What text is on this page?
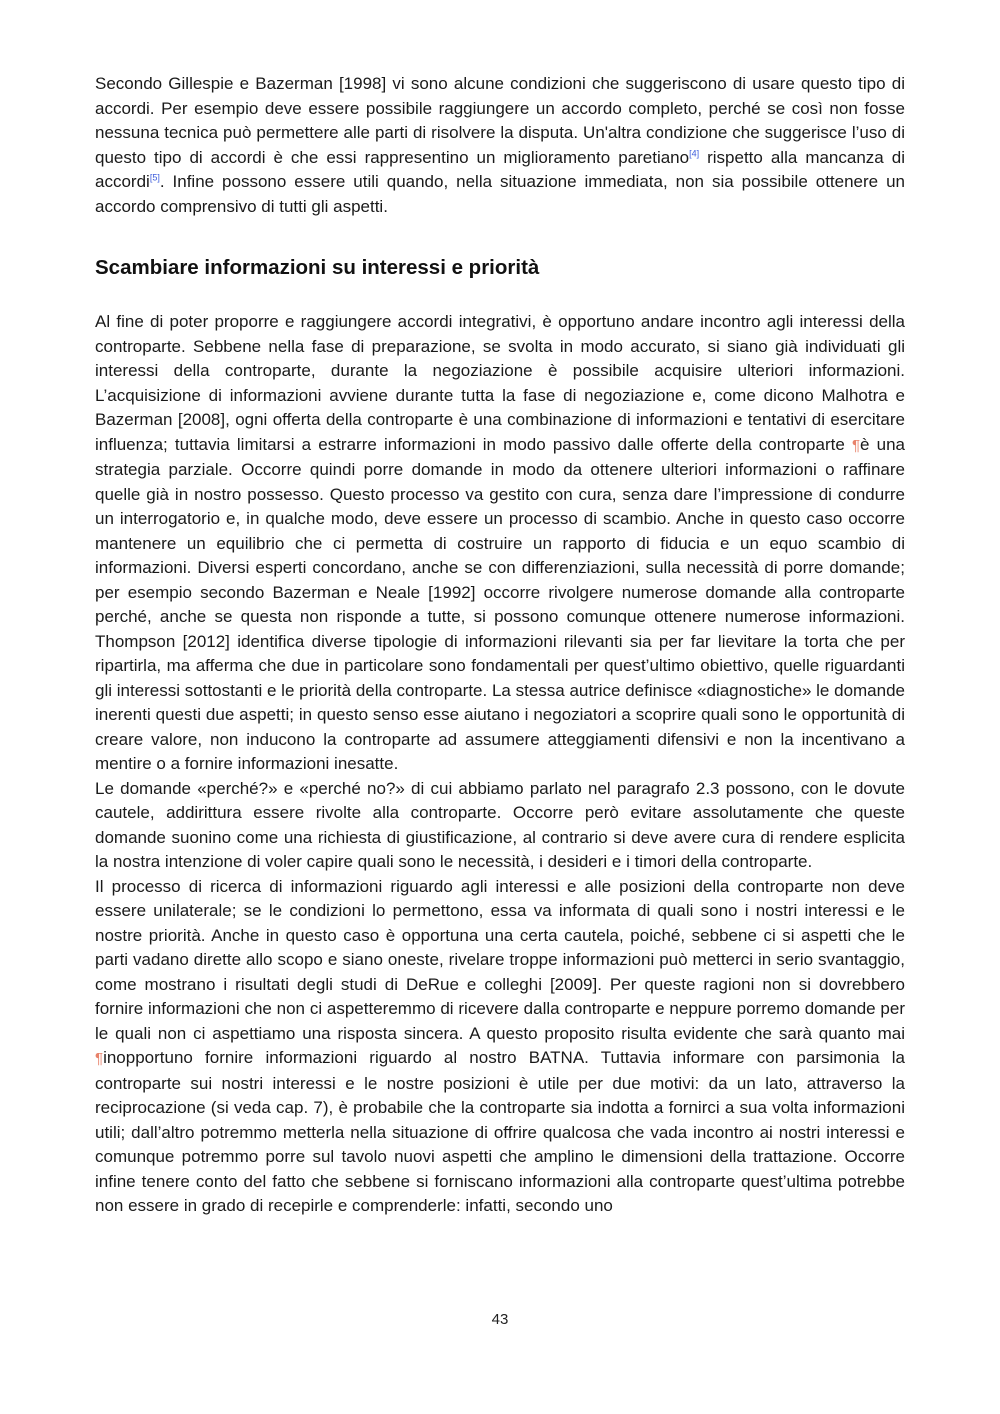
Secondo Gillespie e Bazerman [1998] vi sono alcune condizioni che suggeriscono di usare questo tipo di accordi. Per esempio deve essere possibile raggiungere un accordo completo, perché se così non fosse nessuna tecnica può permettere alle parti di risolvere la disputa. Un'altra condizione che suggerisce l’uso di questo tipo di accordi è che essi rappresentino un miglioramento paretiano[4] rispetto alla mancanza di accordi[5]. Infine possono essere utili quando, nella situazione immediata, non sia possibile ottenere un accordo comprensivo di tutti gli aspetti.

Scambiare informazioni su interessi e priorità

Al fine di poter proporre e raggiungere accordi integrativi, è opportuno andare incontro agli interessi della controparte. Sebbene nella fase di preparazione, se svolta in modo accurato, si siano già individuati gli interessi della controparte, durante la negoziazione è possibile acquisire ulteriori informazioni. L’acquisizione di informazioni avviene durante tutta la fase di negoziazione e, come dicono Malhotra e Bazerman [2008], ogni offerta della controparte è una combinazione di informazioni e tentativi di esercitare influenza; tuttavia limitarsi a estrarre informazioni in modo passivo dalle offerte della controparte ¶è una strategia parziale. Occorre quindi porre domande in modo da ottenere ulteriori informazioni o raffinare quelle già in nostro possesso. Questo processo va gestito con cura, senza dare l’impressione di condurre un interrogatorio e, in qualche modo, deve essere un processo di scambio. Anche in questo caso occorre mantenere un equilibrio che ci permetta di costruire un rapporto di fiducia e un equo scambio di informazioni. Diversi esperti concordano, anche se con differenziazioni, sulla necessità di porre domande; per esempio secondo Bazerman e Neale [1992] occorre rivolgere numerose domande alla controparte perché, anche se questa non risponde a tutte, si possono comunque ottenere numerose informazioni. Thompson [2012] identifica diverse tipologie di informazioni rilevanti sia per far lievitare la torta che per ripartirla, ma afferma che due in particolare sono fondamentali per quest’ultimo obiettivo, quelle riguardanti gli interessi sottostanti e le priorità della controparte. La stessa autrice definisce «diagnostiche» le domande inerenti questi due aspetti; in questo senso esse aiutano i negoziatori a scoprire quali sono le opportunità di creare valore, non inducono la controparte ad assumere atteggiamenti difensivi e non la incentivano a mentire o a fornire informazioni inesatte.

Le domande «perché?» e «perché no?» di cui abbiamo parlato nel paragrafo 2.3 possono, con le dovute cautele, addirittura essere rivolte alla controparte. Occorre però evitare assolutamente che queste domande suonino come una richiesta di giustificazione, al contrario si deve avere cura di rendere esplicita la nostra intenzione di voler capire quali sono le necessità, i desideri e i timori della controparte.

Il processo di ricerca di informazioni riguardo agli interessi e alle posizioni della controparte non deve essere unilaterale; se le condizioni lo permettono, essa va informata di quali sono i nostri interessi e le nostre priorità. Anche in questo caso è opportuna una certa cautela, poiché, sebbene ci si aspetti che le parti vadano dirette allo scopo e siano oneste, rivelare troppe informazioni può metterci in serio svantaggio, come mostrano i risultati degli studi di DeRue e colleghi [2009]. Per queste ragioni non si dovrebbero fornire informazioni che non ci aspetteremmo di ricevere dalla controparte e neppure porremo domande per le quali non ci aspettiamo una risposta sincera. A questo proposito risulta evidente che sarà quanto mai ¶inopportuno fornire informazioni riguardo al nostro BATNA. Tuttavia informare con parsimonia la controparte sui nostri interessi e le nostre posizioni è utile per due motivi: da un lato, attraverso la reciprocazione (si veda cap. 7), è probabile che la controparte sia indotta a fornirci a sua volta informazioni utili; dall’altro potremmo metterla nella situazione di offrire qualcosa che vada incontro ai nostri interessi e comunque potremmo porre sul tavolo nuovi aspetti che amplino le dimensioni della trattazione. Occorre infine tenere conto del fatto che sebbene si forniscano informazioni alla controparte quest’ultima potrebbe non essere in grado di recepirle e comprenderle: infatti, secondo uno

43
